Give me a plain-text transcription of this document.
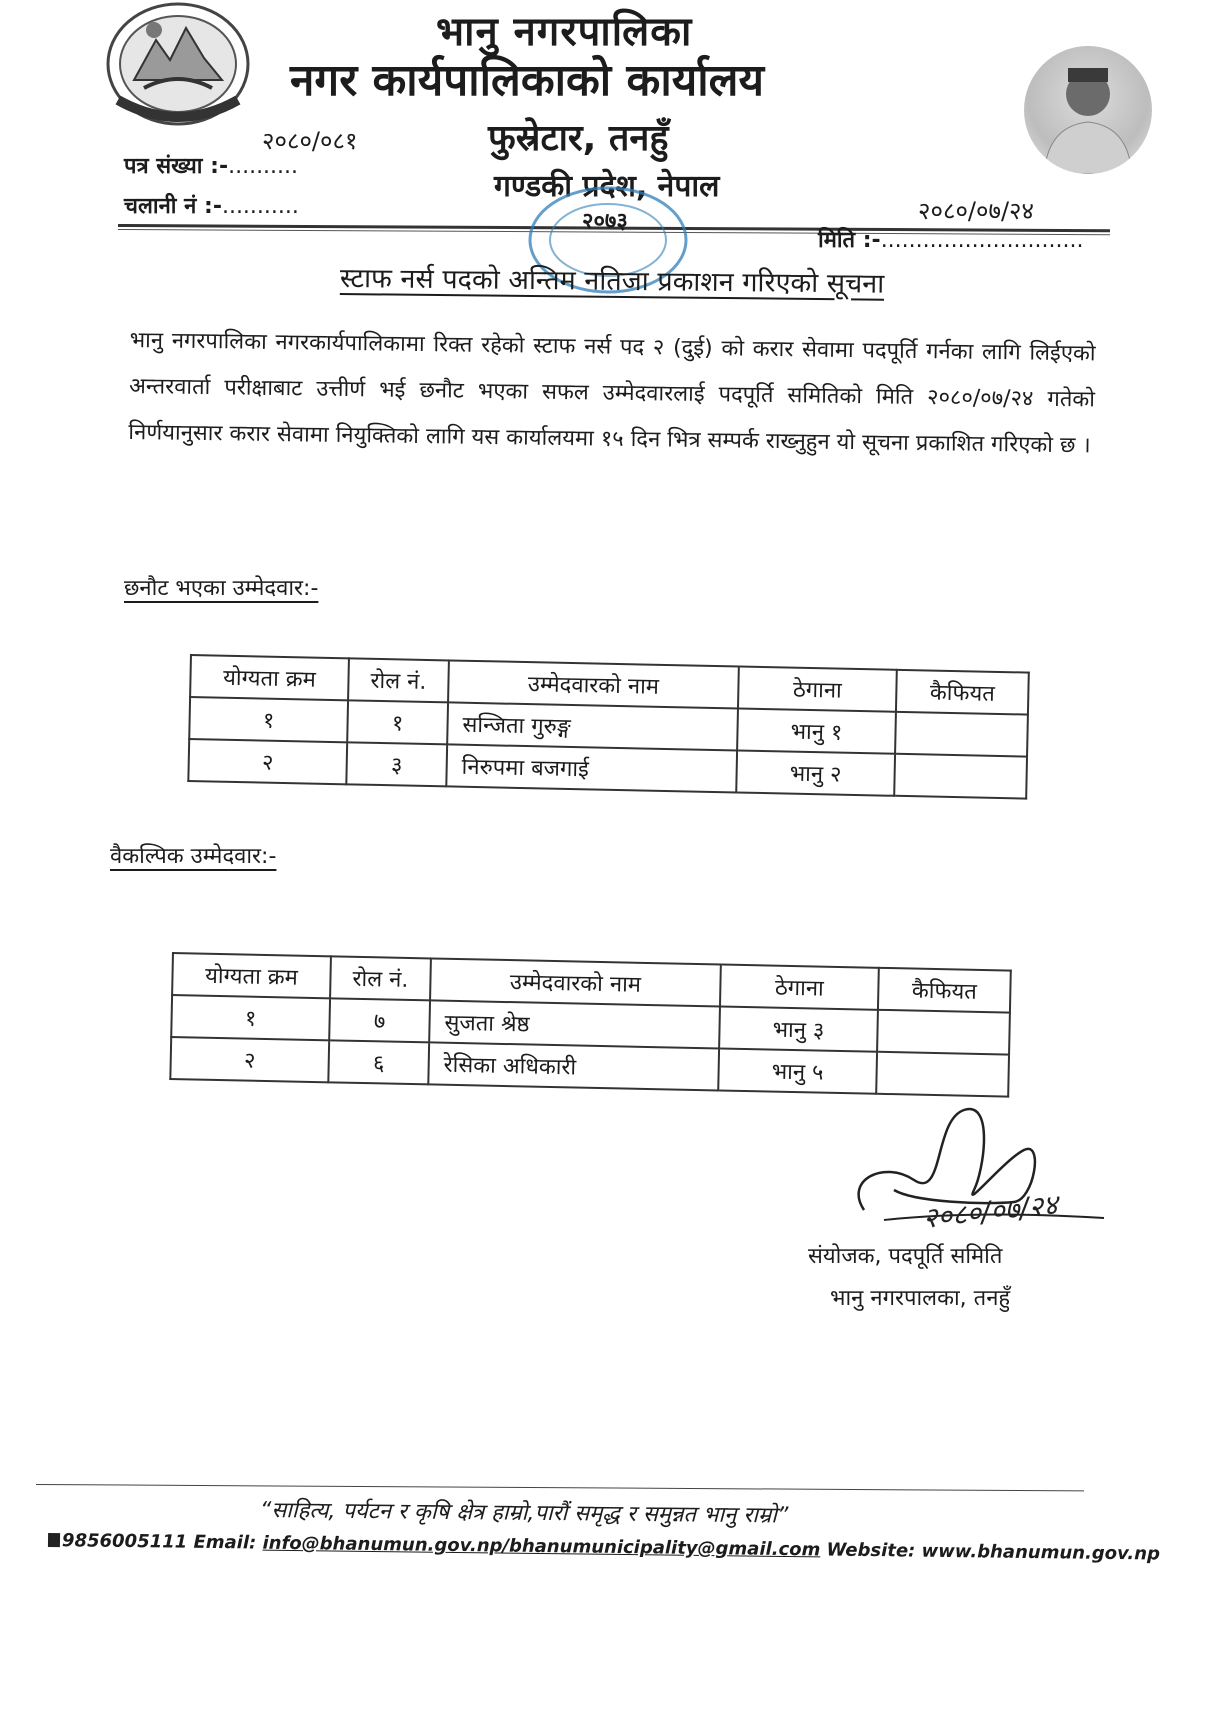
भानु नगरपालिका
नगर कार्यपालिकाको कार्यालय
फुस्रेटार, तनहुँ
गण्डकी प्रदेश, नेपाल
२०८०/०८१
पत्र संख्या :-..........
चलानी नं :-...........	२०८०/०७/२४
मिति :-.............................
२०७३
स्टाफ नर्स पदको अन्तिम नतिजा प्रकाशन गरिएको सूचना
भानु नगरपालिका नगरकार्यपालिकामा रिक्त रहेको स्टाफ नर्स पद २ (दुई) को करार सेवामा पदपूर्ति गर्नका लागि लिईएको अन्तरवार्ता परीक्षाबाट उत्तीर्ण भई छनौट भएका सफल उम्मेदवारलाई पदपूर्ति समितिको मिति २०८०/०७/२४ गतेको निर्णयानुसार करार सेवामा नियुक्तिको लागि यस कार्यालयमा १५ दिन भित्र सम्पर्क राख्नुहुन यो सूचना प्रकाशित गरिएको छ ।
छनौट भएका उम्मेदवार:-
योग्यता क्रम	रोल नं.	उम्मेदवारको नाम	ठेगाना	कैफियत
१	१	सन्जिता गुरुङ्ग	भानु १	
२	३	निरुपमा बजगाई	भानु २	
वैकल्पिक उम्मेदवार:-
योग्यता क्रम	रोल नं.	उम्मेदवारको नाम	ठेगाना	कैफियत
१	७	सुजता श्रेष्ठ	भानु ३	
२	६	रेसिका अधिकारी	भानु ५	
२०८०/०७/२४
संयोजक, पदपूर्ति समिति
भानु नगरपालका, तनहुँ
“साहित्य, पर्यटन र कृषि क्षेत्र हाम्रो,पारौं समृद्ध र समुन्नत भानु राम्रो”
9856005111 Email: info@bhanumun.gov.np/bhanumunicipality@gmail.com Website: www.bhanumun.gov.np
